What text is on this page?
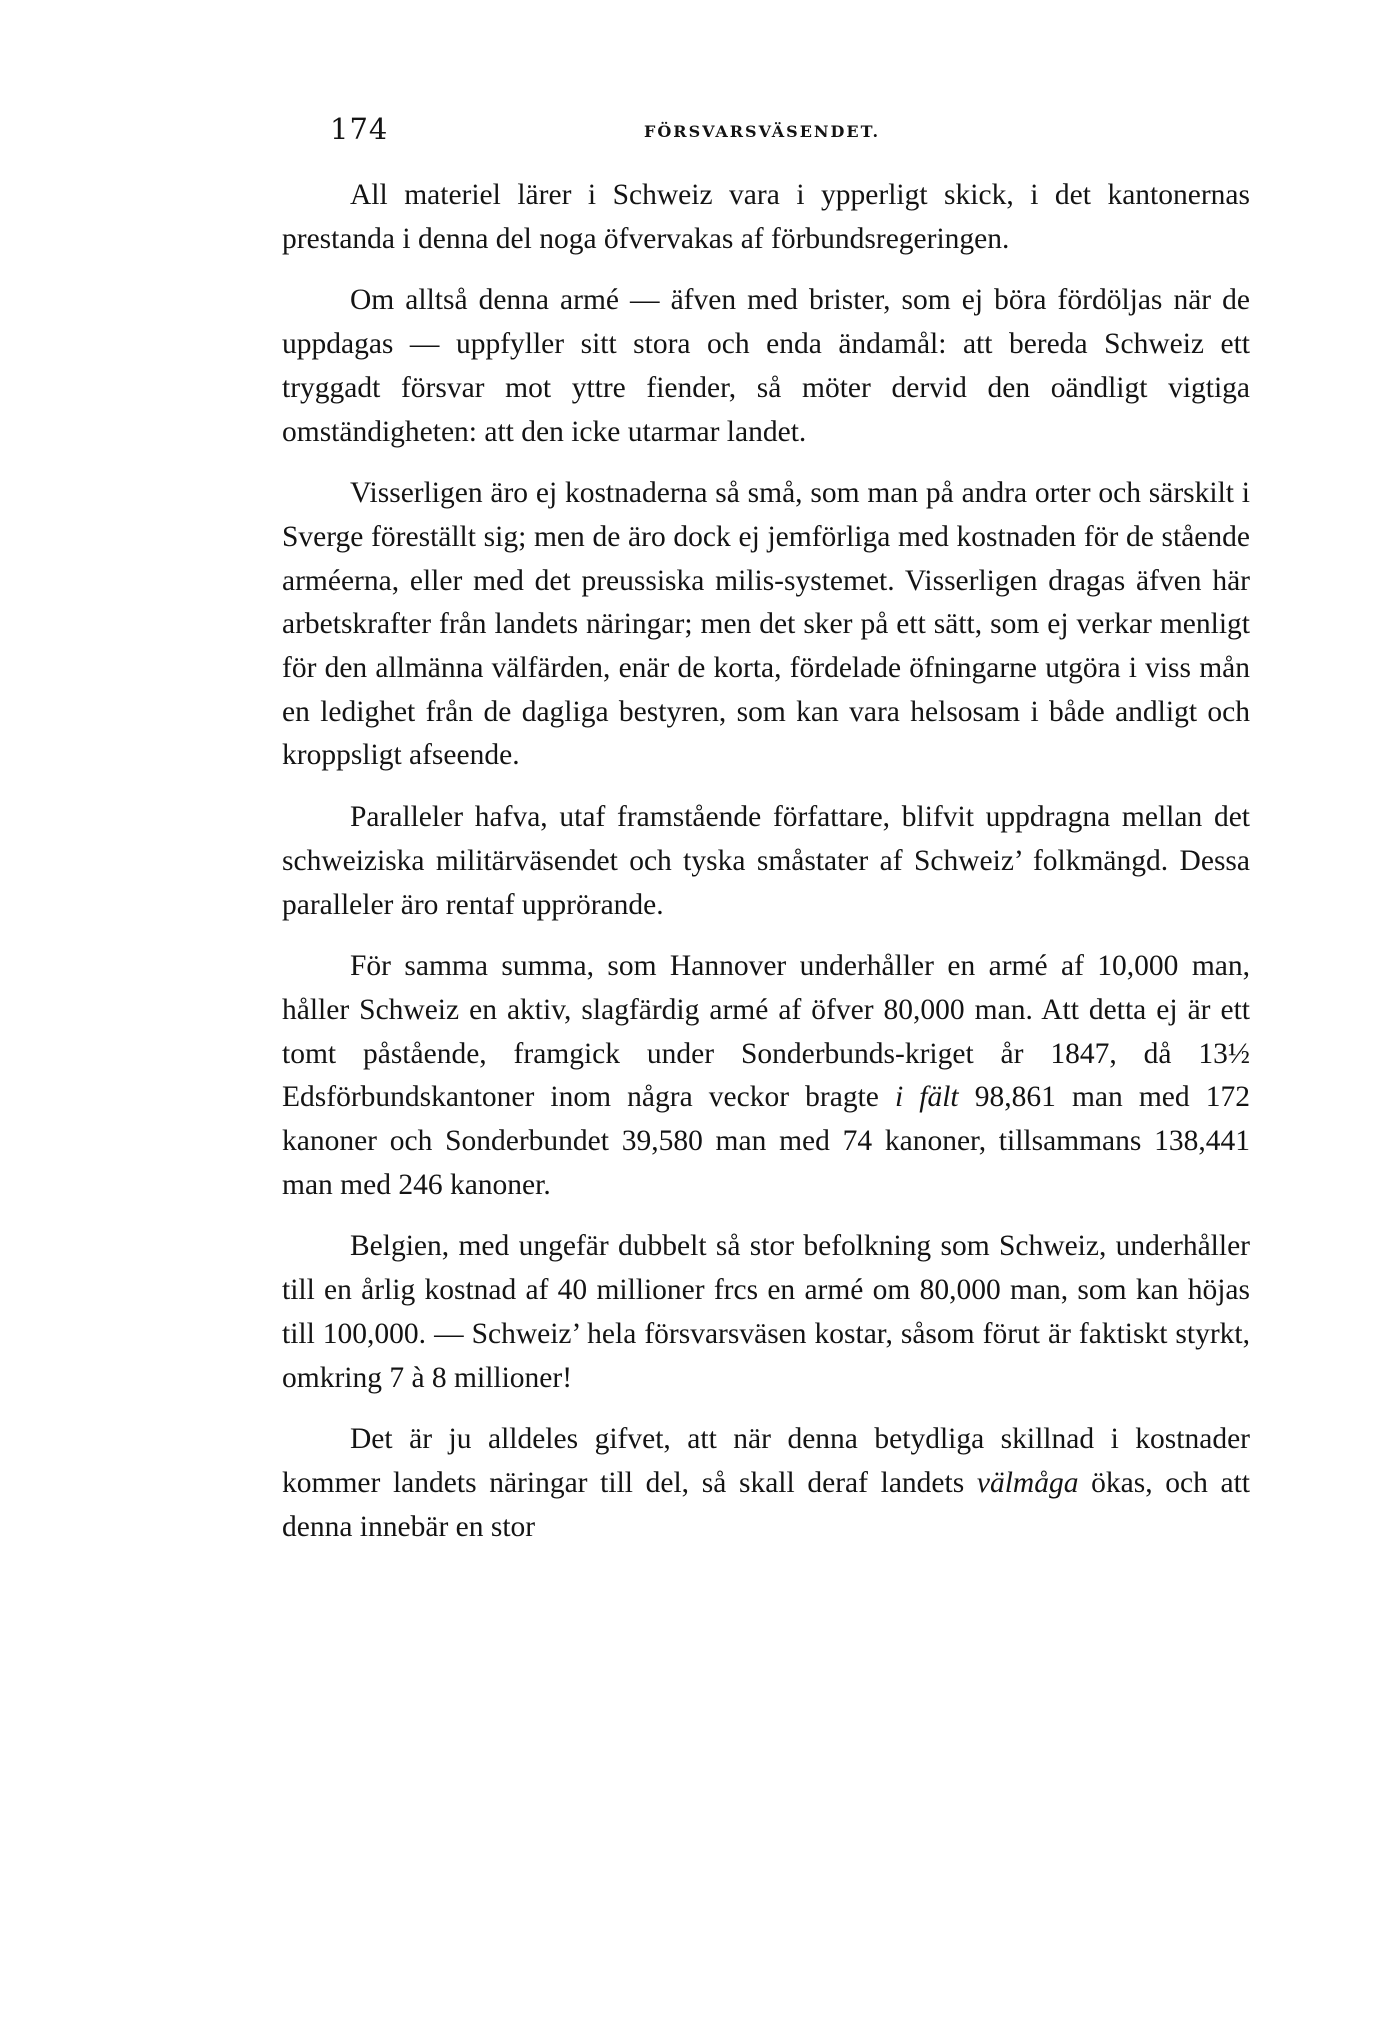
174	FÖRSVARSVÄSENDET.

All materiel lärer i Schweiz vara i ypperligt skick, i det kantonernas prestanda i denna del noga öfvervakas af förbundsregeringen.

Om alltså denna armé — äfven med brister, som ej böra fördöljas när de uppdagas — uppfyller sitt stora och enda ändamål: att bereda Schweiz ett tryggadt försvar mot yttre fiender, så möter dervid den oändligt vigtiga omständigheten: att den icke utarmar landet.

Visserligen äro ej kostnaderna så små, som man på andra orter och särskilt i Sverge föreställt sig; men de äro dock ej jemförliga med kostnaden för de stående arméerna, eller med det preussiska milis-systemet. Visserligen dragas äfven här arbetskrafter från landets näringar; men det sker på ett sätt, som ej verkar menligt för den allmänna välfärden, enär de korta, fördelade öfningarne utgöra i viss mån en ledighet från de dagliga bestyren, som kan vara helsosam i både andligt och kroppsligt afseende.

Paralleler hafva, utaf framstående författare, blifvit uppdragna mellan det schweiziska militärväsendet och tyska småstater af Schweiz’ folkmängd. Dessa paralleler äro rentaf upprörande.

För samma summa, som Hannover underhåller en armé af 10,000 man, håller Schweiz en aktiv, slagfärdig armé af öfver 80,000 man. Att detta ej är ett tomt påstående, framgick under Sonderbunds-kriget år 1847, då 13½ Edsförbundskantoner inom några veckor bragte i fält 98,861 man med 172 kanoner och Sonderbundet 39,580 man med 74 kanoner, tillsammans 138,441 man med 246 kanoner.

Belgien, med ungefär dubbelt så stor befolkning som Schweiz, underhåller till en årlig kostnad af 40 millioner frcs en armé om 80,000 man, som kan höjas till 100,000. — Schweiz’ hela försvarsväsen kostar, såsom förut är faktiskt styrkt, omkring 7 à 8 millioner!

Det är ju alldeles gifvet, att när denna betydliga skillnad i kostnader kommer landets näringar till del, så skall deraf landets välmåga ökas, och att denna innebär en stor
